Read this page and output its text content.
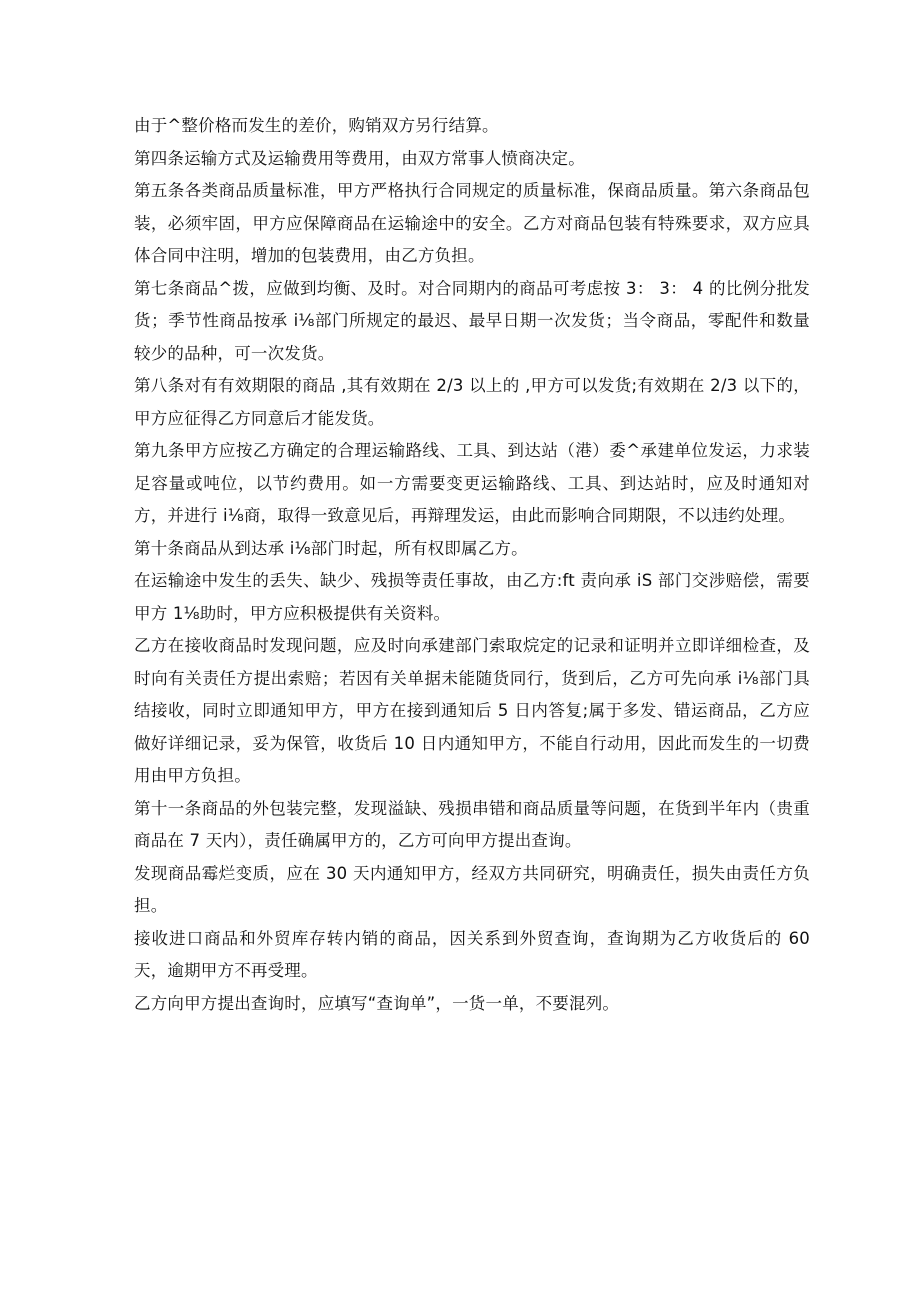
由于^整价格而发生的差价，购销双方另行结算。

第四条运输方式及运输费用等费用，由双方常事人愤商决定。

第五条各类商品质量标准，甲方严格执行合同规定的质量标准，保商品质量。第六条商品包装，必须牢固，甲方应保障商品在运输途中的安全。乙方对商品包装有特殊要求，双方应具体合同中注明，增加的包装费用，由乙方负担。

第七条商品^拨，应做到均衡、及时。对合同期内的商品可考虑按 3： 3： 4 的比例分批发货；季节性商品按承 i⅛部门所规定的最迟、最早日期一次发货；当令商品，零配件和数量较少的品种，可一次发货。

第八条对有有效期限的商品 ,其有效期在 2/3 以上的 ,甲方可以发货;有效期在 2/3 以下的，甲方应征得乙方同意后才能发货。

第九条甲方应按乙方确定的合理运输路线、工具、到达站（港）委^承建单位发运，力求装足容量或吨位，以节约费用。如一方需要变更运输路线、工具、到达站时，应及时通知对方，并进行 i⅛商，取得一致意见后，再辩理发运，由此而影响合同期限，不以违约处理。

第十条商品从到达承 i⅛部门时起，所有权即属乙方。

在运输途中发生的丢失、缺少、残损等责任事故，由乙方:ft 责向承 iS 部门交涉赔偿，需要甲方 1⅛助时，甲方应积极提供有关资料。

乙方在接收商品时发现问题，应及时向承建部门索取烷定的记录和证明并立即详细检查，及时向有关责任方提出索赔；若因有关单据未能随货同行，货到后，乙方可先向承 i⅛部门具结接收，同时立即通知甲方，甲方在接到通知后 5 日内答复;属于多发、错运商品，乙方应做好详细记录，妥为保管，收货后 10 日内通知甲方，不能自行动用，因此而发生的一切费用由甲方负担。

第十一条商品的外包装完整，发现溢缺、残损串错和商品质量等问题，在货到半年内（贵重商品在 7 天内），责任确属甲方的，乙方可向甲方提出查询。

发现商品霉烂变质，应在 30 天内通知甲方，经双方共同研究，明确责任，损失由责任方负担。

接收进口商品和外贸库存转内销的商品，因关系到外贸查询，查询期为乙方收货后的 60 天，逾期甲方不再受理。

乙方向甲方提出查询时，应填写“查询单”，一货一单，不要混列。
